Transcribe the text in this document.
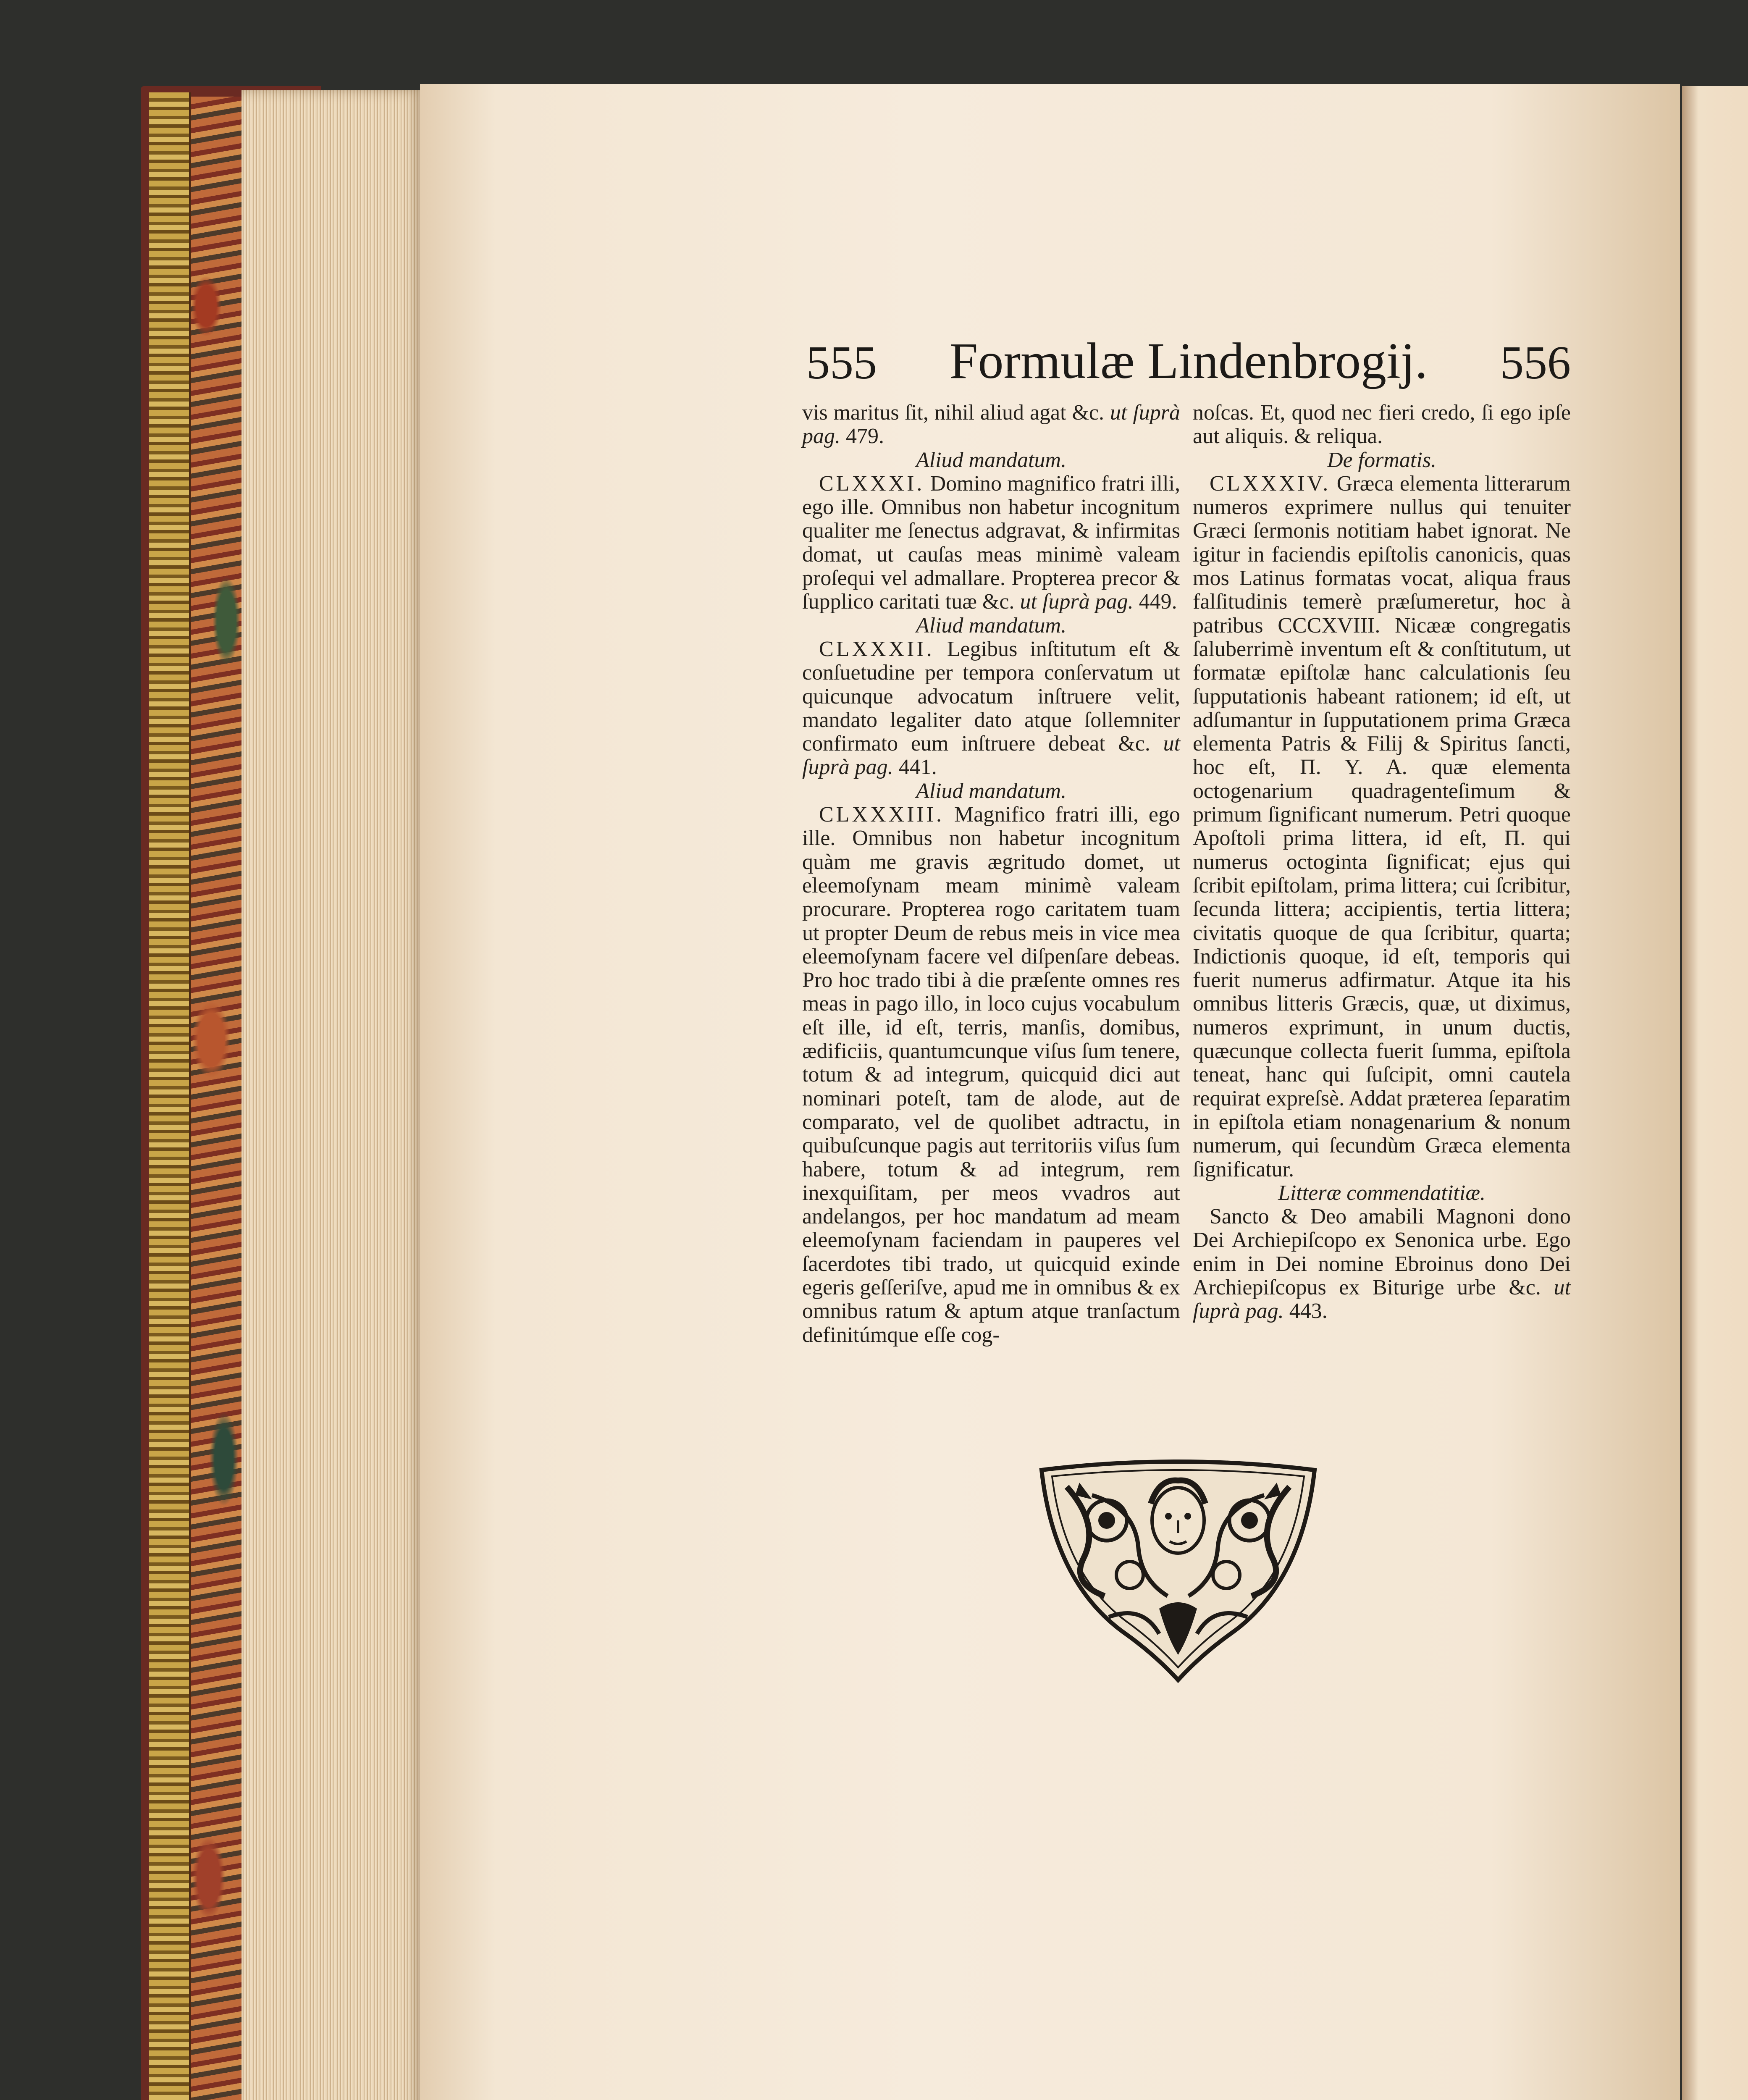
555	Formulæ Lindenbrogij.	556

vis maritus ſit, nihil aliud agat &c. ut ſuprà pag. 479.

Aliud mandatum.

CLXXXI. Domino magnifico fratri illi, ego ille. Omnibus non habetur incognitum qualiter me ſenectus adgravat, & infirmitas domat, ut cauſas meas minimè valeam proſequi vel admallare. Propterea precor & ſupplico caritati tuæ &c. ut ſuprà pag. 449.

Aliud mandatum.

CLXXXII. Legibus inſtitutum eſt & conſuetudine per tempora conſervatum ut quicunque advocatum inſtruere velit, mandato legaliter dato atque ſollemniter confirmato eum inſtruere debeat &c. ut ſuprà pag. 441.

Aliud mandatum.

CLXXXIII. Magnifico fratri illi, ego ille. Omnibus non habetur incognitum quàm me gravis ægritudo domet, ut eleemoſynam meam minimè valeam procurare. Propterea rogo caritatem tuam ut propter Deum de rebus meis in vice mea eleemoſynam facere vel diſpenſare debeas. Pro hoc trado tibi à die præſente omnes res meas in pago illo, in loco cujus vocabulum eſt ille, id eſt, terris, manſis, domibus, ædificiis, quantumcunque viſus ſum tenere, totum & ad integrum, quicquid dici aut nominari poteſt, tam de alode, aut de comparato, vel de quolibet adtractu, in quibuſcunque pagis aut territoriis viſus ſum habere, totum & ad integrum, rem inexquiſitam, per meos vvadros aut andelangos, per hoc mandatum ad meam eleemoſynam faciendam in pauperes vel ſacerdotes tibi trado, ut quicquid exinde egeris geſſeriſve, apud me in omnibus & ex omnibus ratum & aptum atque tranſactum definitúmque eſſe cog-

noſcas. Et, quod nec fieri credo, ſi ego ipſe aut aliquis. & reliqua.

De formatis.

CLXXXIV. Græca elementa litterarum numeros exprimere nullus qui tenuiter Græci ſermonis notitiam habet ignorat. Ne igitur in faciendis epiſtolis canonicis, quas mos Latinus formatas vocat, aliqua fraus falſitudinis temerè præſumeretur, hoc à patribus CCCXVIII. Nicææ congregatis ſaluberrimè inventum eſt & conſtitutum, ut formatæ epiſtolæ hanc calculationis ſeu ſupputationis habeant rationem; id eſt, ut adſumantur in ſupputationem prima Græca elementa Patris & Filij & Spiritus ſancti, hoc eſt, Π. Υ. Α. quæ elementa octogenarium quadragenteſimum & primum ſignificant numerum. Petri quoque Apoſtoli prima littera, id eſt, Π. qui numerus octoginta ſignificat; ejus qui ſcribit epiſtolam, prima littera; cui ſcribitur, ſecunda littera; accipientis, tertia littera; civitatis quoque de qua ſcribitur, quarta; Indictionis quoque, id eſt, temporis qui fuerit numerus adfirmatur. Atque ita his omnibus litteris Græcis, quæ, ut diximus, numeros exprimunt, in unum ductis, quæcunque collecta fuerit ſumma, epiſtola teneat, hanc qui ſuſcipit, omni cautela requirat expreſsè. Addat præterea ſeparatim in epiſtola etiam nonagenarium & nonum numerum, qui ſecundùm Græca elementa ſignificatur.

Litteræ commendatitiæ.

Sancto & Deo amabili Magnoni dono Dei Archiepiſcopo ex Senonica urbe. Ego enim in Dei nomine Ebroinus dono Dei Archiepiſcopus ex Biturige urbe &c. ut ſuprà pag. 443.
